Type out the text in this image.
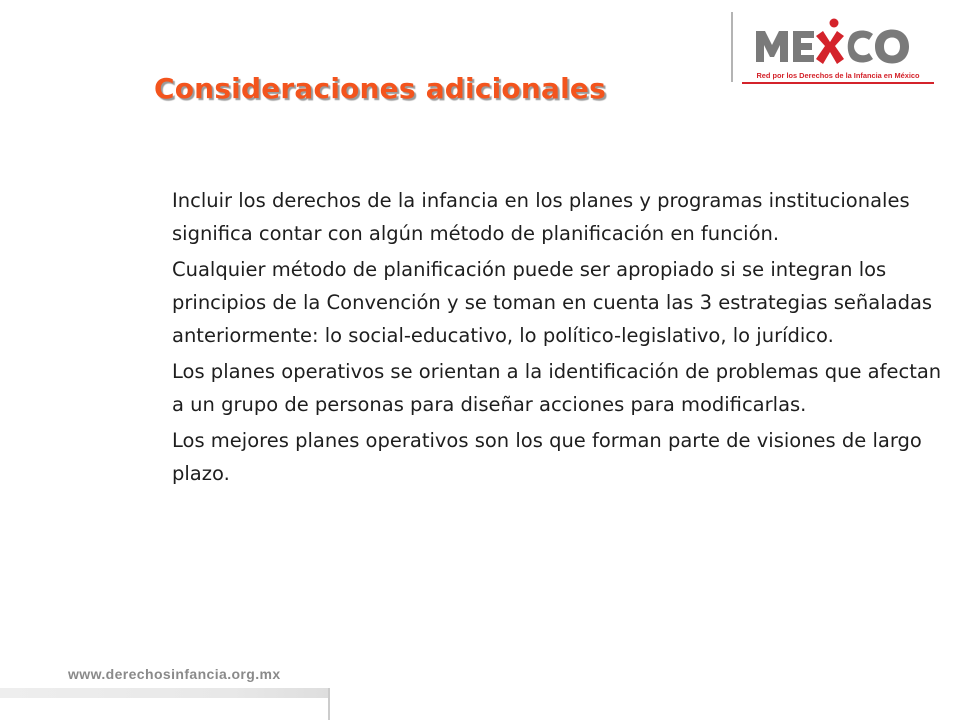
Red por los Derechos de la Infancia en México
Consideraciones adicionales
Incluir los derechos de la infancia en los planes y programas institucionales significa contar con algún método de planificación en función.
Cualquier método de planificación puede ser apropiado si se integran los principios de la Convención y se toman en cuenta las 3 estrategias señaladas anteriormente: lo social-educativo, lo político-legislativo, lo jurídico.
Los planes operativos se orientan a la identificación de problemas que afectan a un grupo de personas para diseñar acciones para modificarlas.
Los mejores planes operativos son los que forman parte de visiones de largo plazo.
www.derechosinfancia.org.mx
